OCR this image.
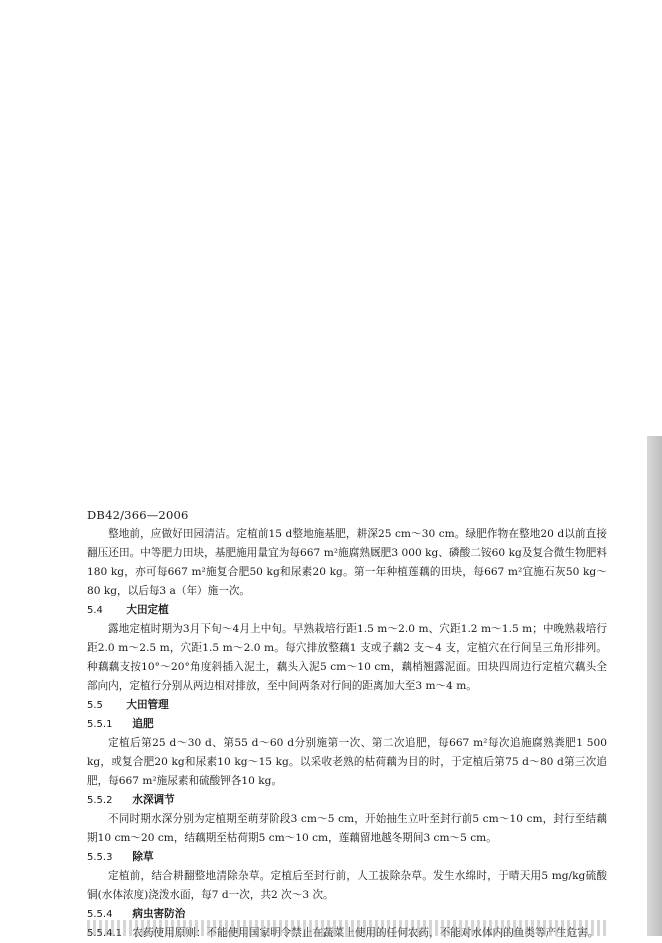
DB42/366—2006

整地前，应做好田园清洁。定植前15 d整地施基肥，耕深25 cm～30 cm。绿肥作物在整地20 d以前直接翻压还田。中等肥力田块，基肥施用量宜为每667 m²施腐熟厩肥3 000 kg、磷酸二铵60 kg及复合微生物肥料180 kg，亦可每667 m²施复合肥50 kg和尿素20 kg。第一年种植莲藕的田块，每667 m²宜施石灰50 kg～80 kg，以后每3 a（年）施一次。

5.4 大田定植

露地定植时期为3月下旬～4月上中旬。早熟栽培行距1.5 m～2.0 m、穴距1.2 m～1.5 m；中晚熟栽培行距2.0 m～2.5 m，穴距1.5 m～2.0 m。每穴排放整藕1 支或子藕2 支～4 支，定植穴在行间呈三角形排列。种藕藕支按10°～20°角度斜插入泥土，藕头入泥5 cm～10 cm，藕梢翘露泥面。田块四周边行定植穴藕头全部向内，定植行分别从两边相对排放，至中间两条对行间的距离加大至3 m～4 m。

5.5 大田管理

5.5.1 追肥

定植后第25 d～30 d、第55 d～60 d分别施第一次、第二次追肥，每667 m²每次追施腐熟粪肥1 500 kg，或复合肥20 kg和尿素10 kg～15 kg。以采收老熟的枯荷藕为目的时，于定植后第75 d～80 d第三次追肥，每667 m²施尿素和硫酸钾各10 kg。

5.5.2 水深调节

不同时期水深分别为定植期至萌芽阶段3 cm～5 cm，开始抽生立叶至封行前5 cm～10 cm，封行至结藕期10 cm～20 cm，结藕期至枯荷期5 cm～10 cm，莲藕留地越冬期间3 cm～5 cm。

5.5.3 除草

定植前，结合耕翻整地清除杂草。定植后至封行前，人工拔除杂草。发生水绵时，于晴天用5 mg/kg硫酸铜(水体浓度)浇泼水面，每7 d一次，共2 次～3 次。

5.5.4 病虫害防治

5.5.4.1 农药使用原则：不能使用国家明令禁止在蔬菜上使用的任何农药，不能对水体内的鱼类等产生危害。
